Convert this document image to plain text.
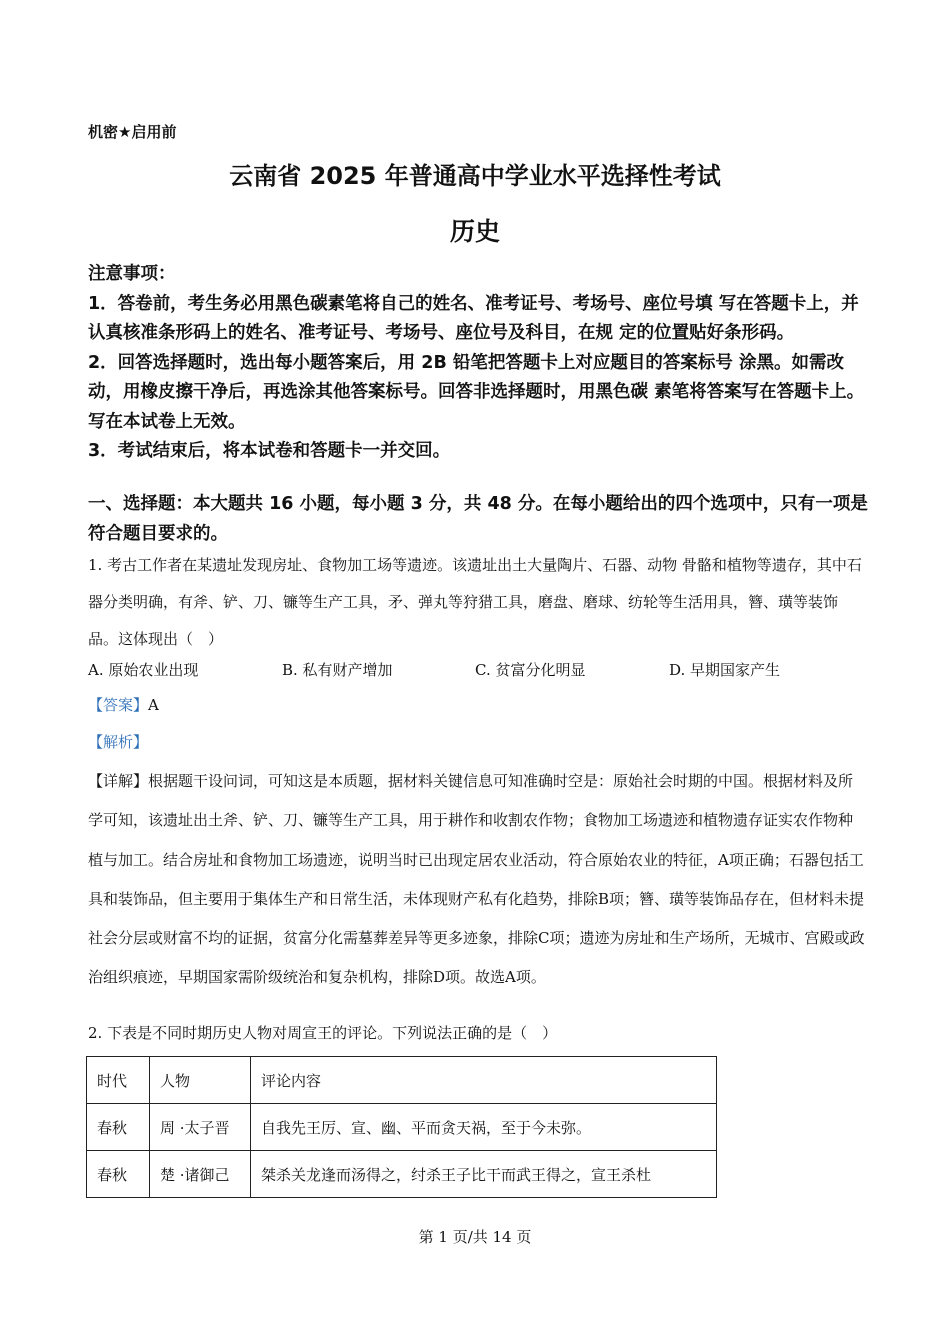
机密★启用前
云南省 2025 年普通高中学业水平选择性考试
历史

注意事项：

1．答卷前，考生务必用黑色碳素笔将自己的姓名、准考证号、考场号、座位号填 写在答题卡上，并认真核准条形码上的姓名、准考证号、考场号、座位号及科目，在规 定的位置贴好条形码。

2．回答选择题时，选出每小题答案后，用 2B 铅笔把答题卡上对应题目的答案标号 涂黑。如需改动，用橡皮擦干净后，再选涂其他答案标号。回答非选择题时，用黑色碳 素笔将答案写在答题卡上。写在本试卷上无效。

3．考试结束后，将本试卷和答题卡一并交回。

一、选择题：本大题共 16 小题，每小题 3 分，共 48 分。在每小题给出的四个选项中，只有一项是符合题目要求的。

1. 考古工作者在某遗址发现房址、食物加工场等遗迹。该遗址出土大量陶片、石器、动物 骨骼和植物等遗存，其中石器分类明确，有斧、铲、刀、镰等生产工具，矛、弹丸等狩猎工具，磨盘、磨球、纺轮等生活用具，簪、璜等装饰品。这体现出（　）

A. 原始农业出现	B. 私有财产增加	C. 贫富分化明显	D. 早期国家产生
【答案】A
【解析】

【详解】根据题干设问词，可知这是本质题，据材料关键信息可知准确时空是：原始社会时期的中国。根据材料及所学可知，该遗址出土斧、铲、刀、镰等生产工具，用于耕作和收割农作物；食物加工场遗迹和植物遗存证实农作物种植与加工。结合房址和食物加工场遗迹，说明当时已出现定居农业活动，符合原始农业的特征，A项正确；石器包括工具和装饰品，但主要用于集体生产和日常生活，未体现财产私有化趋势，排除B项；簪、璜等装饰品存在，但材料未提社会分层或财富不均的证据，贫富分化需墓葬差异等更多迹象，排除C项；遗迹为房址和生产场所，无城市、宫殿或政治组织痕迹，早期国家需阶级统治和复杂机构，排除D项。故选A项。

2. 下表是不同时期历史人物对周宣王的评论。下列说法正确的是（　）
时代	人物	评论内容
春秋	周 ·太子晋	自我先王厉、宣、幽、平而贪天祸，至于今未弥。
春秋	楚 ·诸御己	桀杀关龙逢而汤得之，纣杀王子比干而武王得之，宣王杀杜
第 1 页/共 14 页
